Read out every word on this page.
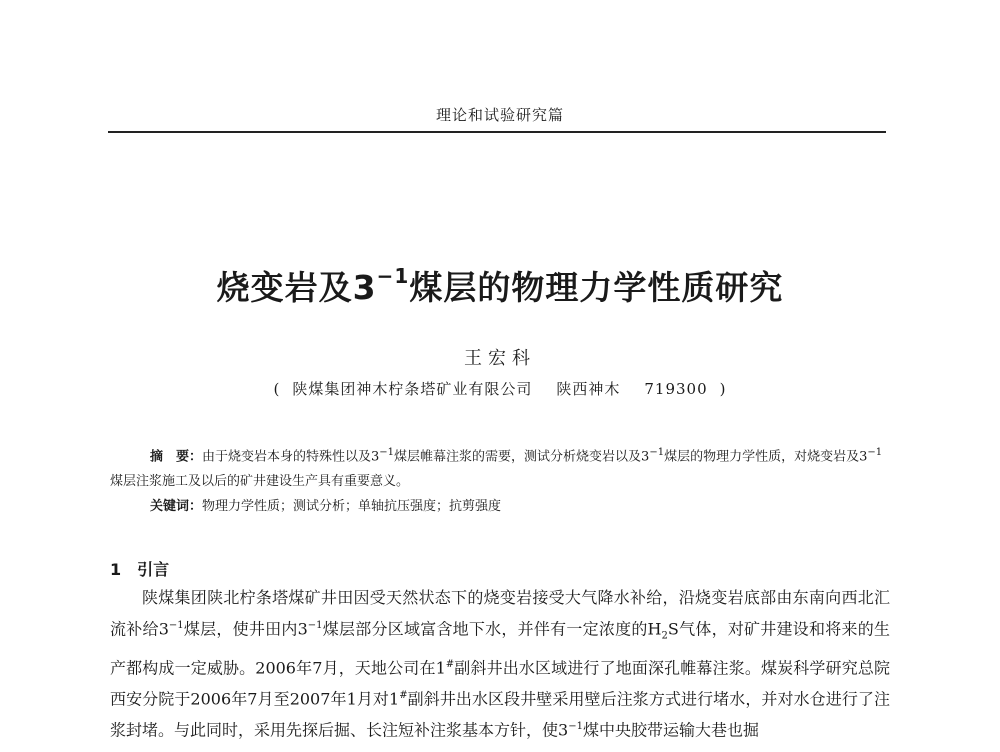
理论和试验研究篇
烧变岩及$3^{-1}$煤层的物理力学性质研究
王宏科
( 陕煤集团神木柠条塔矿业有限公司 陕西神木 719300 )
摘　要：由于烧变岩本身的特殊性以及$3^{-1}$煤层帷幕注浆的需要，测试分析烧变岩以及$3^{-1}$煤层的物理力学性质，对烧变岩及$3^{-1}$煤层注浆施工及以后的矿井建设生产具有重要意义。
关键词：物理力学性质；测试分析；单轴抗压强度；抗剪强度
1 引言
陕煤集团陕北柠条塔煤矿井田因受天然状态下的烧变岩接受大气降水补给，沿烧变岩底部由东南向西北汇流补给$3^{-1}$煤层，使井田内$3^{-1}$煤层部分区域富含地下水，并伴有一定浓度的$H_2S$气体，对矿井建设和将来的生产都构成一定威胁。2006年7月，天地公司在1#副斜井出水区域进行了地面深孔帷幕注浆。煤炭科学研究总院西安分院于2006年7月至2007年1月对1#副斜井出水区段井壁采用壁后注浆方式进行堵水，并对水仓进行了注浆封堵。与此同时，采用先探后掘、长注短补注浆基本方针，使$3^{-1}$煤中央胶带运输大巷也掘
